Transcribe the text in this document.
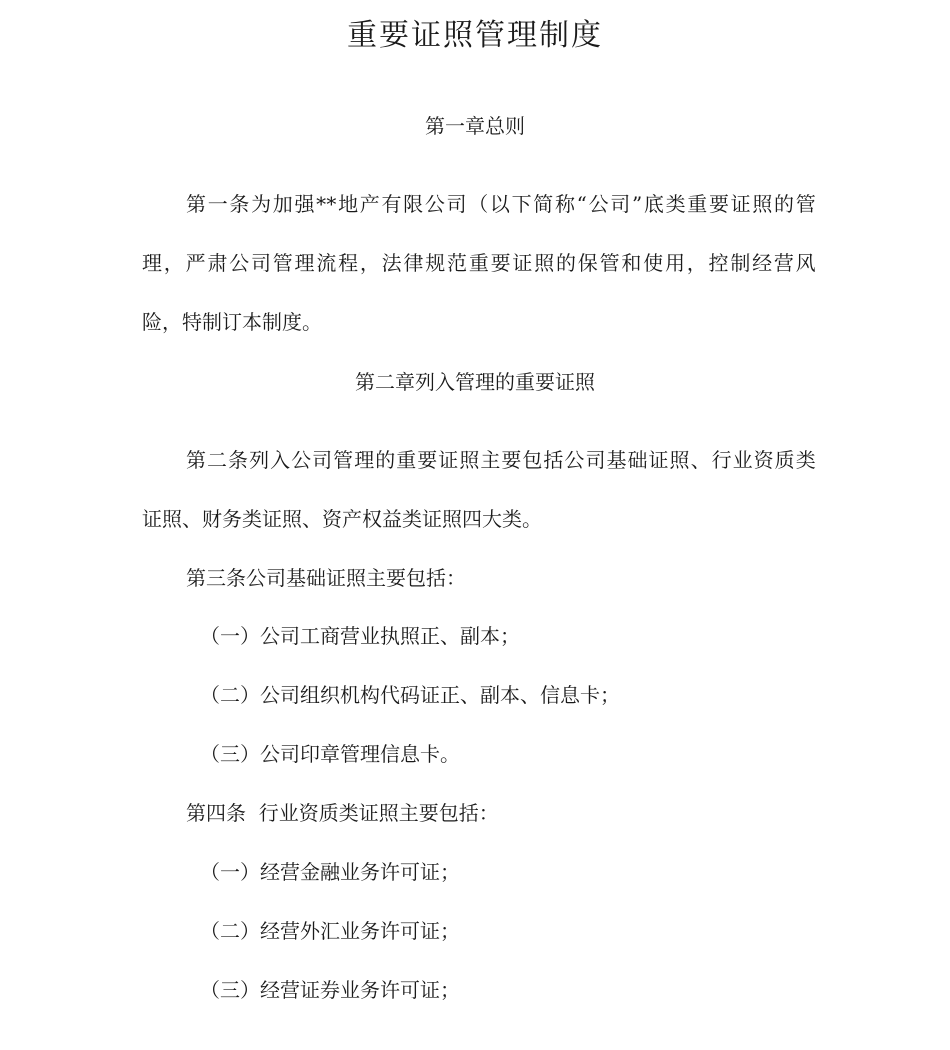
重要证照管理制度
第一章总则
第一条为加强**地产有限公司（以下简称“公司”底类重要证照的管
理，严肃公司管理流程，法律规范重要证照的保管和使用，控制经营风
险，特制订本制度。
第二章列入管理的重要证照
第二条列入公司管理的重要证照主要包括公司基础证照、行业资质类
证照、财务类证照、资产权益类证照四大类。
第三条公司基础证照主要包括：
（一）公司工商营业执照正、副本；
（二）公司组织机构代码证正、副本、信息卡；
（三）公司印章管理信息卡。
第四条  行业资质类证照主要包括：
（一）经营金融业务许可证；
（二）经营外汇业务许可证；
（三）经营证券业务许可证；
